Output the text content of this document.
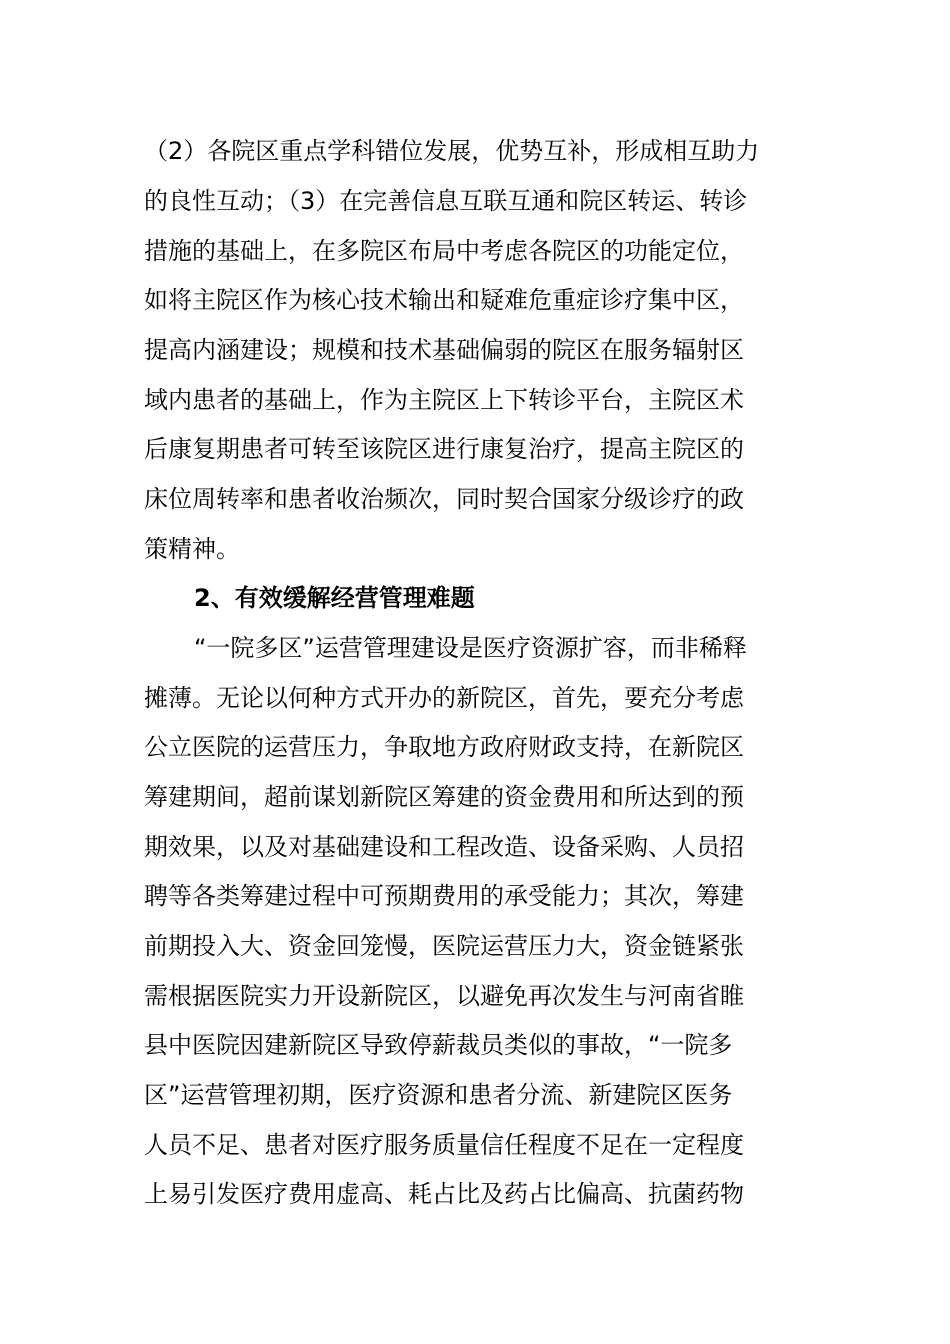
（2）各院区重点学科错位发展，优势互补，形成相互助力
的良性互动；（3）在完善信息互联互通和院区转运、转诊
措施的基础上，在多院区布局中考虑各院区的功能定位，
如将主院区作为核心技术输出和疑难危重症诊疗集中区，
提高内涵建设；规模和技术基础偏弱的院区在服务辐射区
域内患者的基础上，作为主院区上下转诊平台，主院区术
后康复期患者可转至该院区进行康复治疗，提高主院区的
床位周转率和患者收治频次，同时契合国家分级诊疗的政
策精神。
2、有效缓解经营管理难题
“一院多区”运营管理建设是医疗资源扩容，而非稀释
摊薄。无论以何种方式开办的新院区，首先，要充分考虑
公立医院的运营压力，争取地方政府财政支持，在新院区
筹建期间，超前谋划新院区筹建的资金费用和所达到的预
期效果，以及对基础建设和工程改造、设备采购、人员招
聘等各类筹建过程中可预期费用的承受能力；其次，筹建
前期投入大、资金回笼慢，医院运营压力大，资金链紧张
需根据医院实力开设新院区，以避免再次发生与河南省睢
县中医院因建新院区导致停薪裁员类似的事故，“一院多
区”运营管理初期，医疗资源和患者分流、新建院区医务
人员不足、患者对医疗服务质量信任程度不足在一定程度
上易引发医疗费用虚高、耗占比及药占比偏高、抗菌药物
